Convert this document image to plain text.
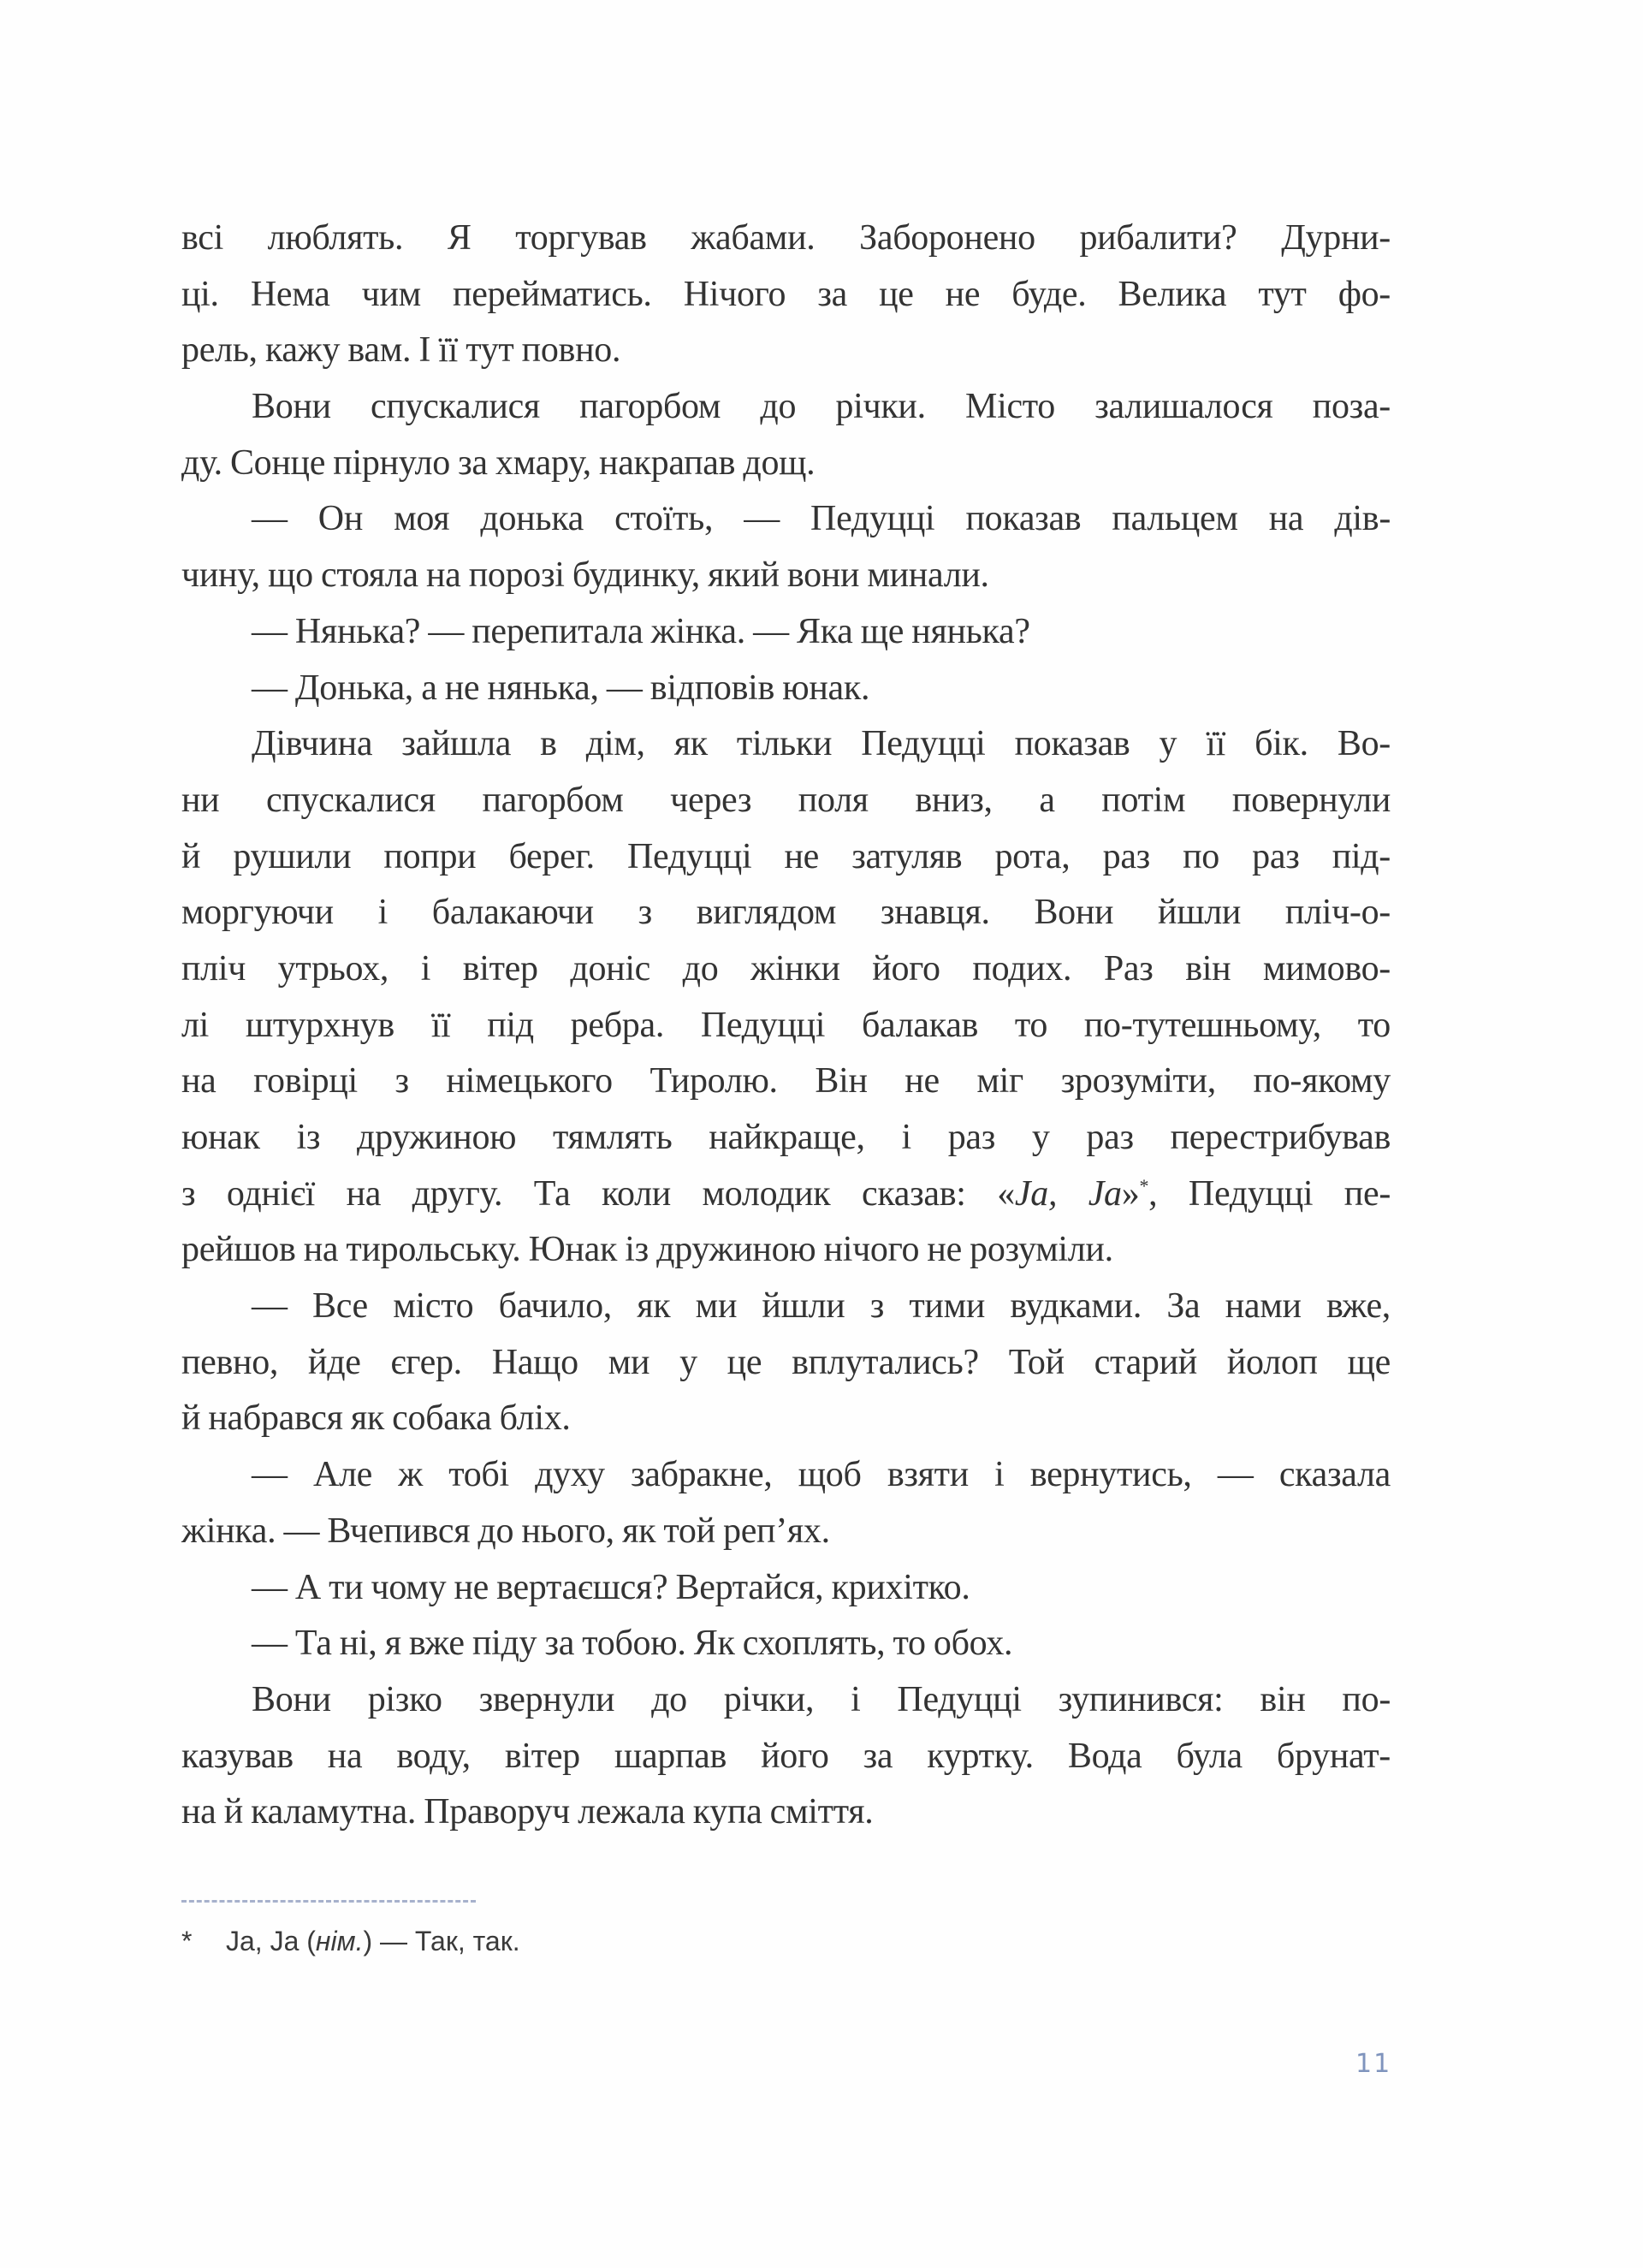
всі люблять. Я торгував жабами. Заборонено рибалити? Дурни-
ці. Нема чим перейматись. Нічого за це не буде. Велика тут фо-
рель, кажу вам. І її тут повно.
Вони спускалися пагорбом до річки. Місто залишалося поза-
ду. Сонце пірнуло за хмару, накрапав дощ.
— Он моя донька стоїть, — Педуцці показав пальцем на дів-
чину, що стояла на порозі будинку, який вони минали.
— Нянька? — перепитала жінка. — Яка ще нянька?
— Донька, а не нянька, — відповів юнак.
Дівчина зайшла в дім, як тільки Педуцці показав у її бік. Во-
ни спускалися пагорбом через поля вниз, а потім повернули
й рушили попри берег. Педуцці не затуляв рота, раз по раз під-
моргуючи і балакаючи з виглядом знавця. Вони йшли пліч-о-
пліч утрьох, і вітер доніс до жінки його подих. Раз він мимово-
лі штурхнув її під ребра. Педуцці балакав то по-тутешньому, то
на говірці з німецького Тиролю. Він не міг зрозуміти, по-якому
юнак із дружиною тямлять найкраще, і раз у раз перестрибував
з однієї на другу. Та коли молодик сказав: «Ja, Ja»*, Педуцці пе-
рейшов на тирольську. Юнак із дружиною нічого не розуміли.
— Все місто бачило, як ми йшли з тими вудками. За нами вже,
певно, йде єгер. Нащо ми у це вплутались? Той старий йолоп ще
й набрався як собака бліх.
— Але ж тобі духу забракне, щоб взяти і вернутись, — сказала
жінка. — Вчепився до нього, як той реп’ях.
— А ти чому не вертаєшся? Вертайся, крихітко.
— Та ні, я вже піду за тобою. Як схоплять, то обох.
Вони різко звернули до річки, і Педуцці зупинився: він по-
казував на воду, вітер шарпав його за куртку. Вода була брунат-
на й каламутна. Праворуч лежала купа сміття.
* Ja, Ja (нім.) — Так, так.
11
